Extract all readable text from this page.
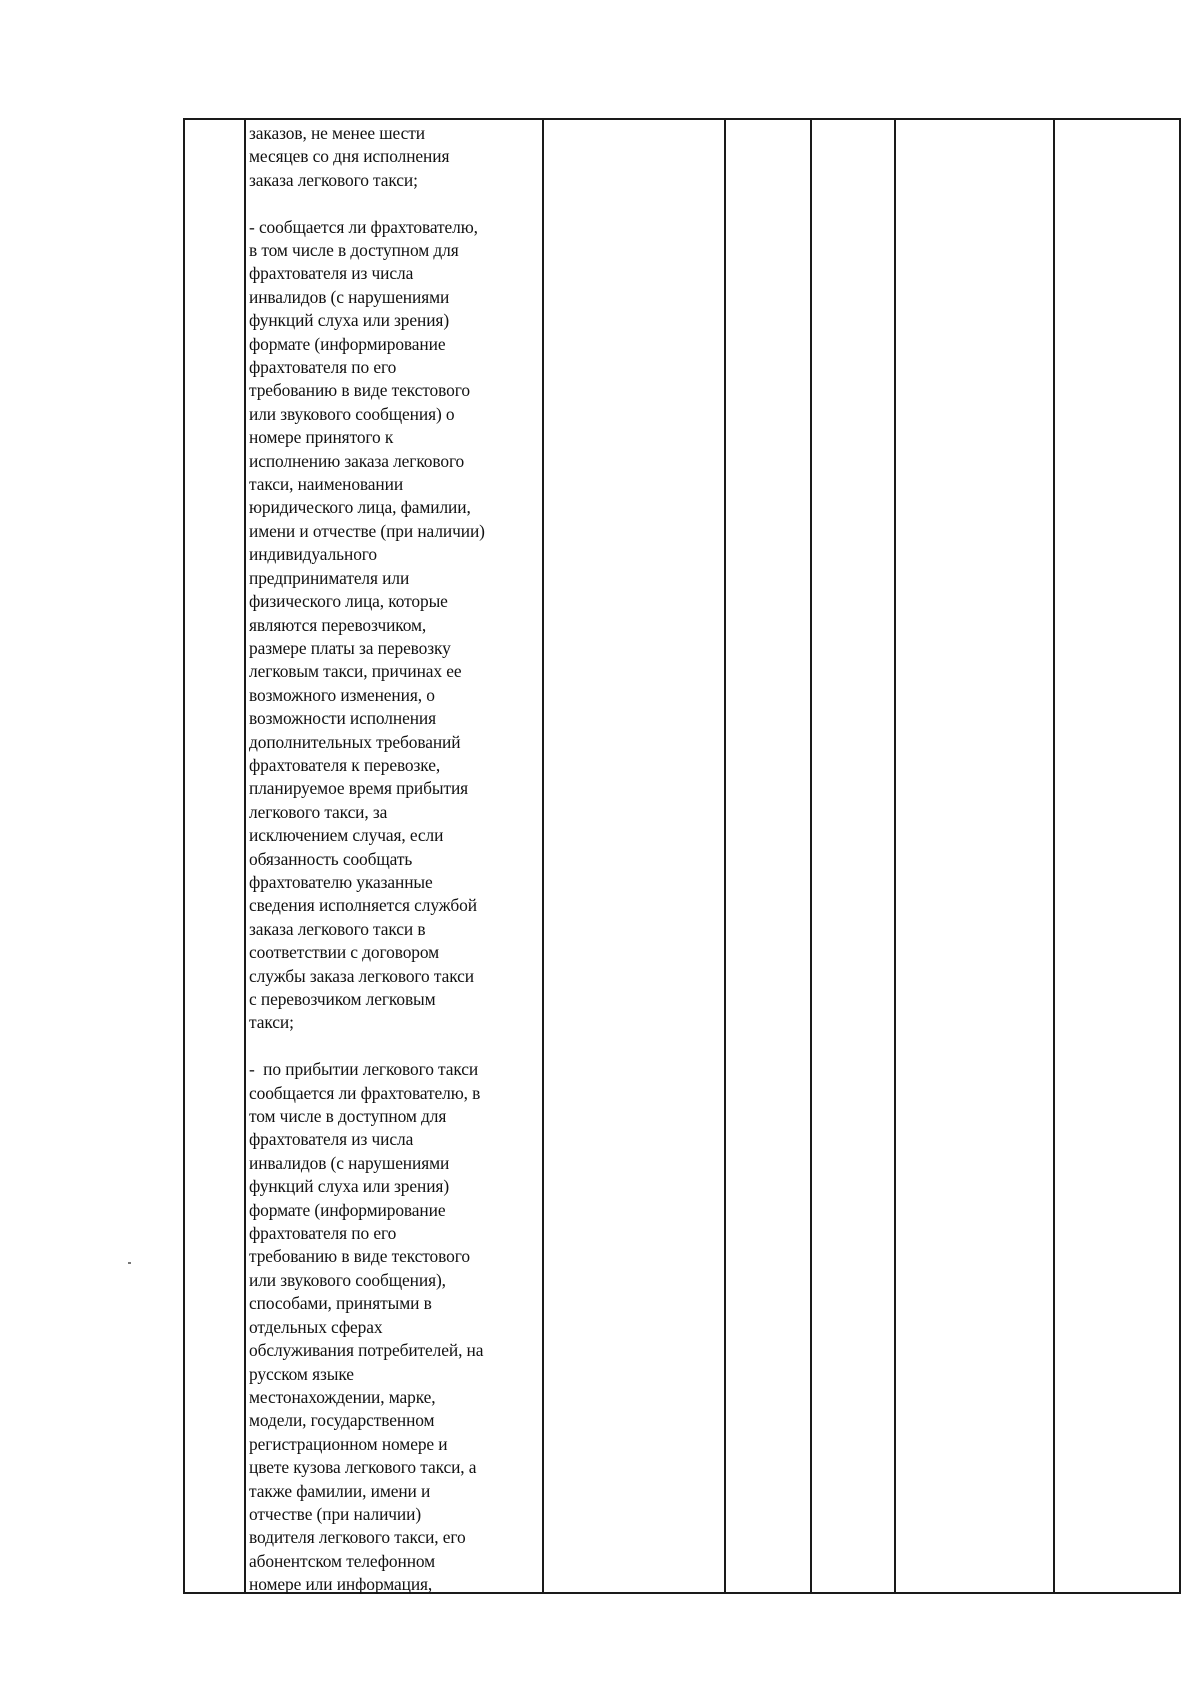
заказов, не менее шести

месяцев со дня исполнения

заказа легкового такси;

- сообщается ли фрахтователю,

в том числе в доступном для

фрахтователя из числа

инвалидов (с нарушениями

функций слуха или зрения)

формате (информирование

фрахтователя по его

требованию в виде текстового

или звукового сообщения) о

номере принятого к

исполнению заказа легкового

такси, наименовании

юридического лица, фамилии,

имени и отчестве (при наличии)

индивидуального

предпринимателя или

физического лица, которые

являются перевозчиком,

размере платы за перевозку

легковым такси, причинах ее

возможного изменения, о

возможности исполнения

дополнительных требований

фрахтователя к перевозке,

планируемое время прибытия

легкового такси, за

исключением случая, если

обязанность сообщать

фрахтователю указанные

сведения исполняется службой

заказа легкового такси в

соответствии с договором

службы заказа легкового такси

с перевозчиком легковым

такси;

-  по прибытии легкового такси

сообщается ли фрахтователю, в

том числе в доступном для

фрахтователя из числа

инвалидов (с нарушениями

функций слуха или зрения)

формате (информирование

фрахтователя по его

требованию в виде текстового

или звукового сообщения),

способами, принятыми в

отдельных сферах

обслуживания потребителей, на

русском языке

местонахождении, марке,

модели, государственном

регистрационном номере и

цвете кузова легкового такси, а

также фамилии, имени и

отчестве (при наличии)

водителя легкового такси, его

абонентском телефонном

номере или информация,
